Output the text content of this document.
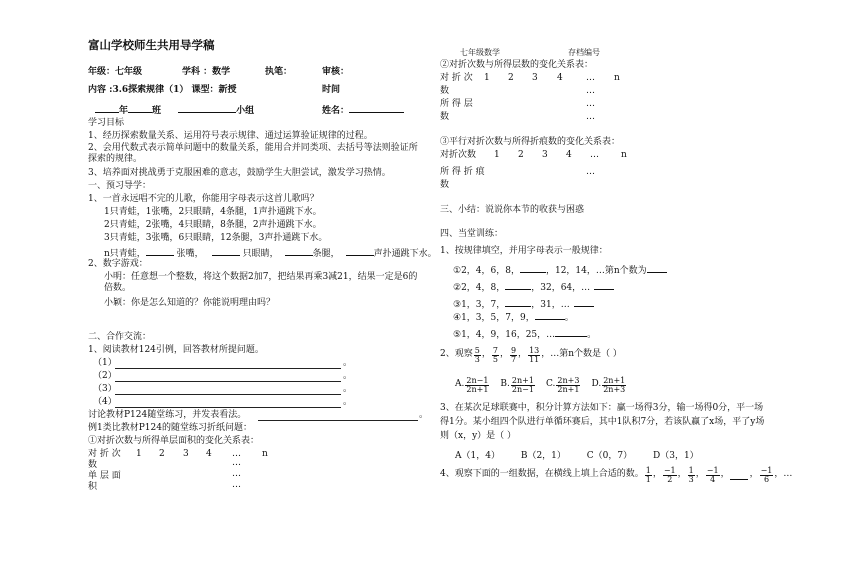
富山学校师生共用导学稿
年级：七年级	学科 ：数学	执笔：	审核：
内容 :3.6探索规律（1） 课型：新授	时间
年	班	小组	姓名：
学习目标
1、经历探索数量关系、运用符号表示规律、通过运算验证规律的过程。
2、会用代数式表示简单问题中的数量关系，能用合并同类项、去括号等法则验证所探索的规律。
3、培养面对挑战勇于克服困难的意志，鼓励学生大胆尝试，激发学习热情。
一、预习导学：
1、一首永远唱不完的儿歌，你能用字母表示这首儿歌吗？
1只青蛙，1张嘴，2只眼睛，4条腿，1声扑通跳下水。
2只青蛙，2张嘴，4只眼睛，8条腿，2声扑通跳下水。
3只青蛙，3张嘴，6只眼睛，12条腿，3声扑通跳下水。
n只青蛙，	张嘴，	只眼睛，	条腿，	声扑通跳下水。
2、数字游戏：
小明：任意想一个整数，将这个数据2加7，把结果再乘3减21，结果一定是6的倍数。
小颖：你是怎么知道的？你能说明理由吗？
二、合作交流：
1、阅读教材124引例，回答教材所提问题。
（1）	。
（2）	。
（3）	。
（4）	。
讨论教材P124随堂练习，并发表看法。	。
例1类比教材P124的随堂练习折纸问题：
①对折次数与所得单层面积的变化关系表：
对 折 次 1 2 3 4 … n
数	…
单 层 面	…
积	…
七年级数学	存档编号
②对折次数与所得层数的变化关系表：
对 折 次 1 2 3 4	… n
数	…
所 得 层	…
数	…
③平行对折次数与所得折痕数的变化关系表：
对折次数 1 2 3 4 … n
所 得 折 痕	…
数
三、小结：说说你本节的收获与困惑
四、当堂训练：
1、按规律填空，并用字母表示一般规律：
①2，4，6，8，	，12，14，…第n个数为
②2，4，8，	，32，64，…
③1，3，7，	，31，…
④1，3，5，7，9，	。
⑤1，4，9，16，25，…	。
2、观察 $\frac{5}{3}$ ， $\frac{7}{5}$ ， $\frac{9}{7}$ ， $\frac{13}{11}$ ， …第n个数是（ ）
A. $\frac{2n-1}{2n+1} B$. $\frac{2n+1}{2n-1} C$. $\frac{2n+3}{2n+1} D$. $\frac{2n+1}{2n+3}$
3、在某次足球联赛中，积分计算方法如下：赢一场得3分，输一场得0分，平一场得1分。某小组四个队进行单循环赛后，其中1队积7分，若该队赢了x场，平了y场则（x，y）是（ ）
A（1，4） B（2，1） C（0，7） D（3，1）
4、观察下面的一组数据，在横线上填上合适的数。 $\frac{1}{1}$ ， $\frac{-1}{2}$ ， $\frac{1}{3}$ ， $\frac{-1}{4}$ ， ， $\frac{-1}{6}$ ， …
